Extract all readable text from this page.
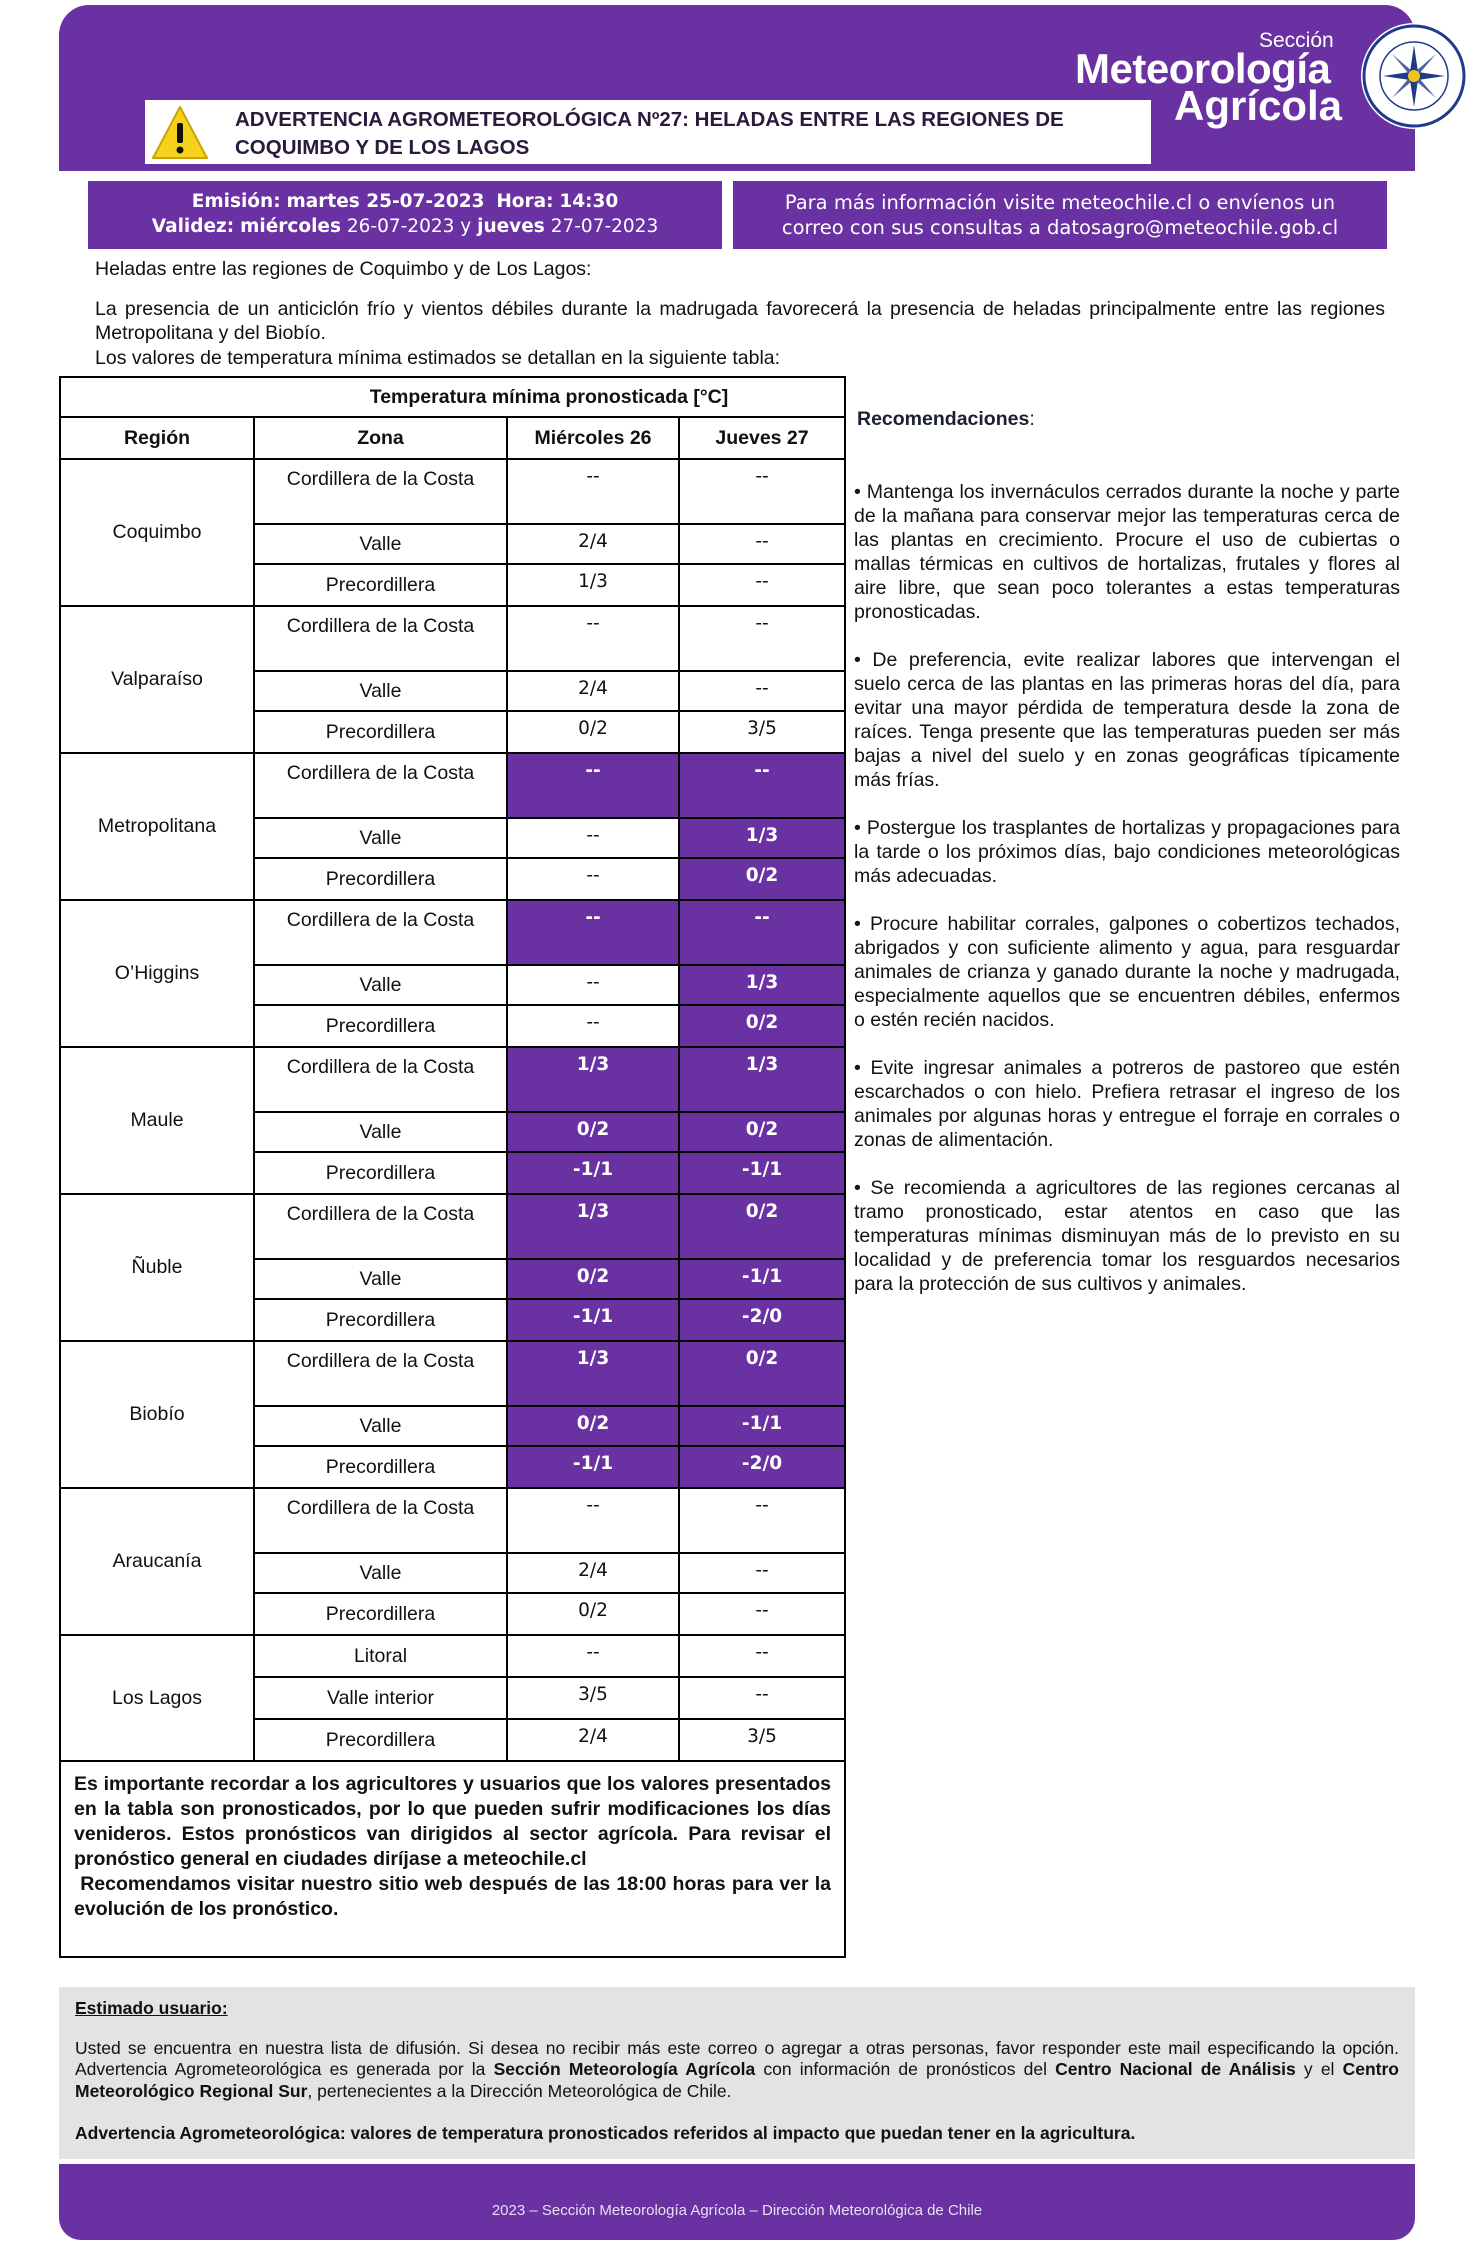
ADVERTENCIA AGROMETEOROLÓGICA Nº27: HELADAS ENTRE LAS REGIONES DE COQUIMBO Y DE LOS LAGOS
Sección
Meteorología
Agrícola
Emisión: martes 25-07-2023 Hora: 14:30
Validez: miércoles 26-07-2023 y jueves 27-07-2023
Para más información visite meteochile.cl o envíenos un
correo con sus consultas a datosagro@meteochile.gob.cl
Heladas entre las regiones de Coquimbo y de Los Lagos:
La presencia de un anticiclón frío y vientos débiles durante la madrugada favorecerá la presencia de heladas principalmente entre las regiones Metropolitana y del Biobío.
Los valores de temperatura mínima estimados se detallan en la siguiente tabla:
	Temperatura mínima pronosticada [°C]		
Región	Zona	Miércoles 26	Jueves 27
Coquimbo	Cordillera de la Costa	--	--
	Valle	2/4	--
	Precordillera	1/3	--
Valparaíso	Cordillera de la Costa	--	--
	Valle	2/4	--
	Precordillera	0/2	3/5
Metropolitana	Cordillera de la Costa	--	--
	Valle	--	1/3
	Precordillera	--	0/2
O’Higgins	Cordillera de la Costa	--	--
	Valle	--	1/3
	Precordillera	--	0/2
Maule	Cordillera de la Costa	1/3	1/3
	Valle	0/2	0/2
	Precordillera	-1/1	-1/1
Ñuble	Cordillera de la Costa	1/3	0/2
	Valle	0/2	-1/1
	Precordillera	-1/1	-2/0
Biobío	Cordillera de la Costa	1/3	0/2
	Valle	0/2	-1/1
	Precordillera	-1/1	-2/0
Araucanía	Cordillera de la Costa	--	--
	Valle	2/4	--
	Precordillera	0/2	--
Los Lagos	Litoral	--	--
	Valle interior	3/5	--
	Precordillera	2/4	3/5

Es importante recordar a los agricultores y usuarios que los valores presentados en la tabla son pronosticados, por lo que pueden sufrir modificaciones los días venideros. Estos pronósticos van dirigidos al sector agrícola. Para revisar el pronóstico general en ciudades diríjase a meteochile.cl
Recomendamos visitar nuestro sitio web después de las 18:00 horas para ver la evolución de los pronóstico.			
Recomendaciones:

• Mantenga los invernáculos cerrados durante la noche y parte de la mañana para conservar mejor las temperaturas cerca de las plantas en crecimiento. Procure el uso de cubiertas o mallas térmicas en cultivos de hortalizas, frutales y flores al aire libre, que sean poco tolerantes a estas temperaturas pronosticadas.

• De preferencia, evite realizar labores que intervengan el suelo cerca de las plantas en las primeras horas del día, para evitar una mayor pérdida de temperatura desde la zona de raíces. Tenga presente que las temperaturas pueden ser más bajas a nivel del suelo y en zonas geográficas típicamente más frías.

• Postergue los trasplantes de hortalizas y propagaciones para la tarde o los próximos días, bajo condiciones meteorológicas más adecuadas.

• Procure habilitar corrales, galpones o cobertizos techados, abrigados y con suficiente alimento y agua, para resguardar animales de crianza y ganado durante la noche y madrugada, especialmente aquellos que se encuentren débiles, enfermos o estén recién nacidos.

• Evite ingresar animales a potreros de pastoreo que estén escarchados o con hielo. Prefiera retrasar el ingreso de los animales por algunas horas y entregue el forraje en corrales o zonas de alimentación.

• Se recomienda a agricultores de las regiones cercanas al tramo pronosticado, estar atentos en caso que las temperaturas mínimas disminuyan más de lo previsto en su localidad y de preferencia tomar los resguardos necesarios para la protección de sus cultivos y animales.

Estimado usuario:

Usted se encuentra en nuestra lista de difusión. Si desea no recibir más este correo o agregar a otras personas, favor responder este mail especificando la opción. Advertencia Agrometeorológica es generada por la Sección Meteorología Agrícola con información de pronósticos del Centro Nacional de Análisis y el Centro Meteorológico Regional Sur, pertenecientes a la Dirección Meteorológica de Chile.

Advertencia Agrometeorológica: valores de temperatura pronosticados referidos al impacto que puedan tener en la agricultura.

2023 – Sección Meteorología Agrícola – Dirección Meteorológica de Chile
